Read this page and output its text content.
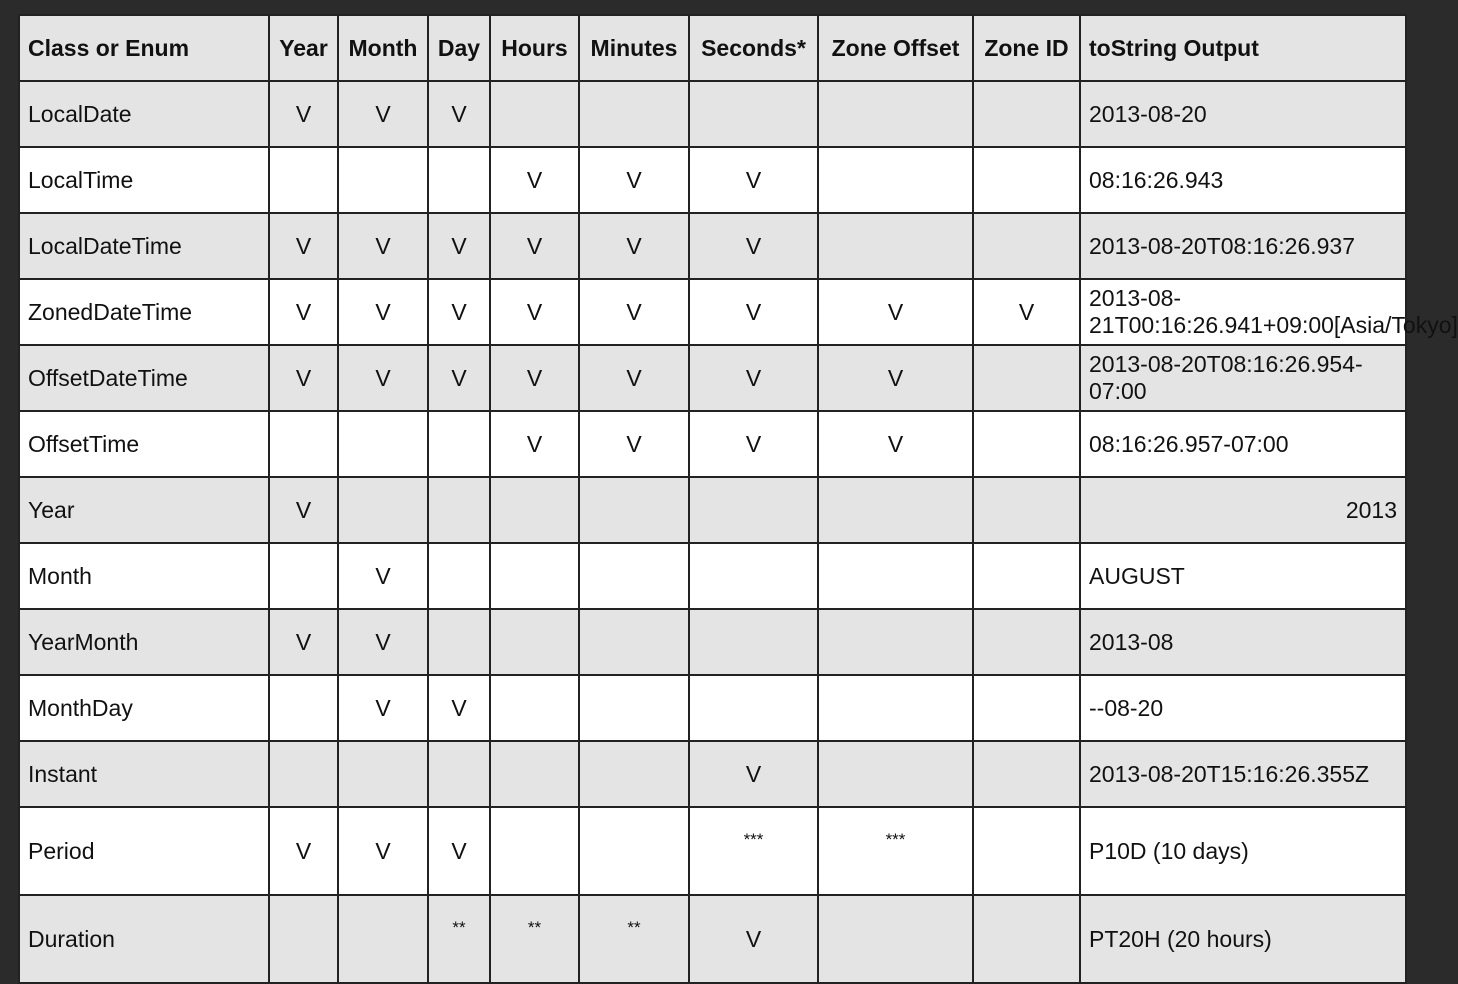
Class or Enum	Year	Month	Day	Hours	Minutes	Seconds*	Zone Offset	Zone ID	toString Output
LocalDate	V	V	V						2013-08-20
LocalTime				V	V	V			08:16:26.943
LocalDateTime	V	V	V	V	V	V			2013-08-20T08:16:26.937
ZonedDateTime	V	V	V	V	V	V	V	V	2013-08-21T00:16:26.941+09:00[Asia/Tokyo]
OffsetDateTime	V	V	V	V	V	V	V		2013-08-20T08:16:26.954-07:00
OffsetTime				V	V	V	V		08:16:26.957-07:00
Year	V								2013
Month		V							AUGUST
YearMonth	V	V							2013-08
MonthDay		V	V						--08-20
Instant						V			2013-08-20T15:16:26.355Z
Period	V	V	V			***	***		P10D (10 days)
Duration			**	**	**	V			PT20H (20 hours)
